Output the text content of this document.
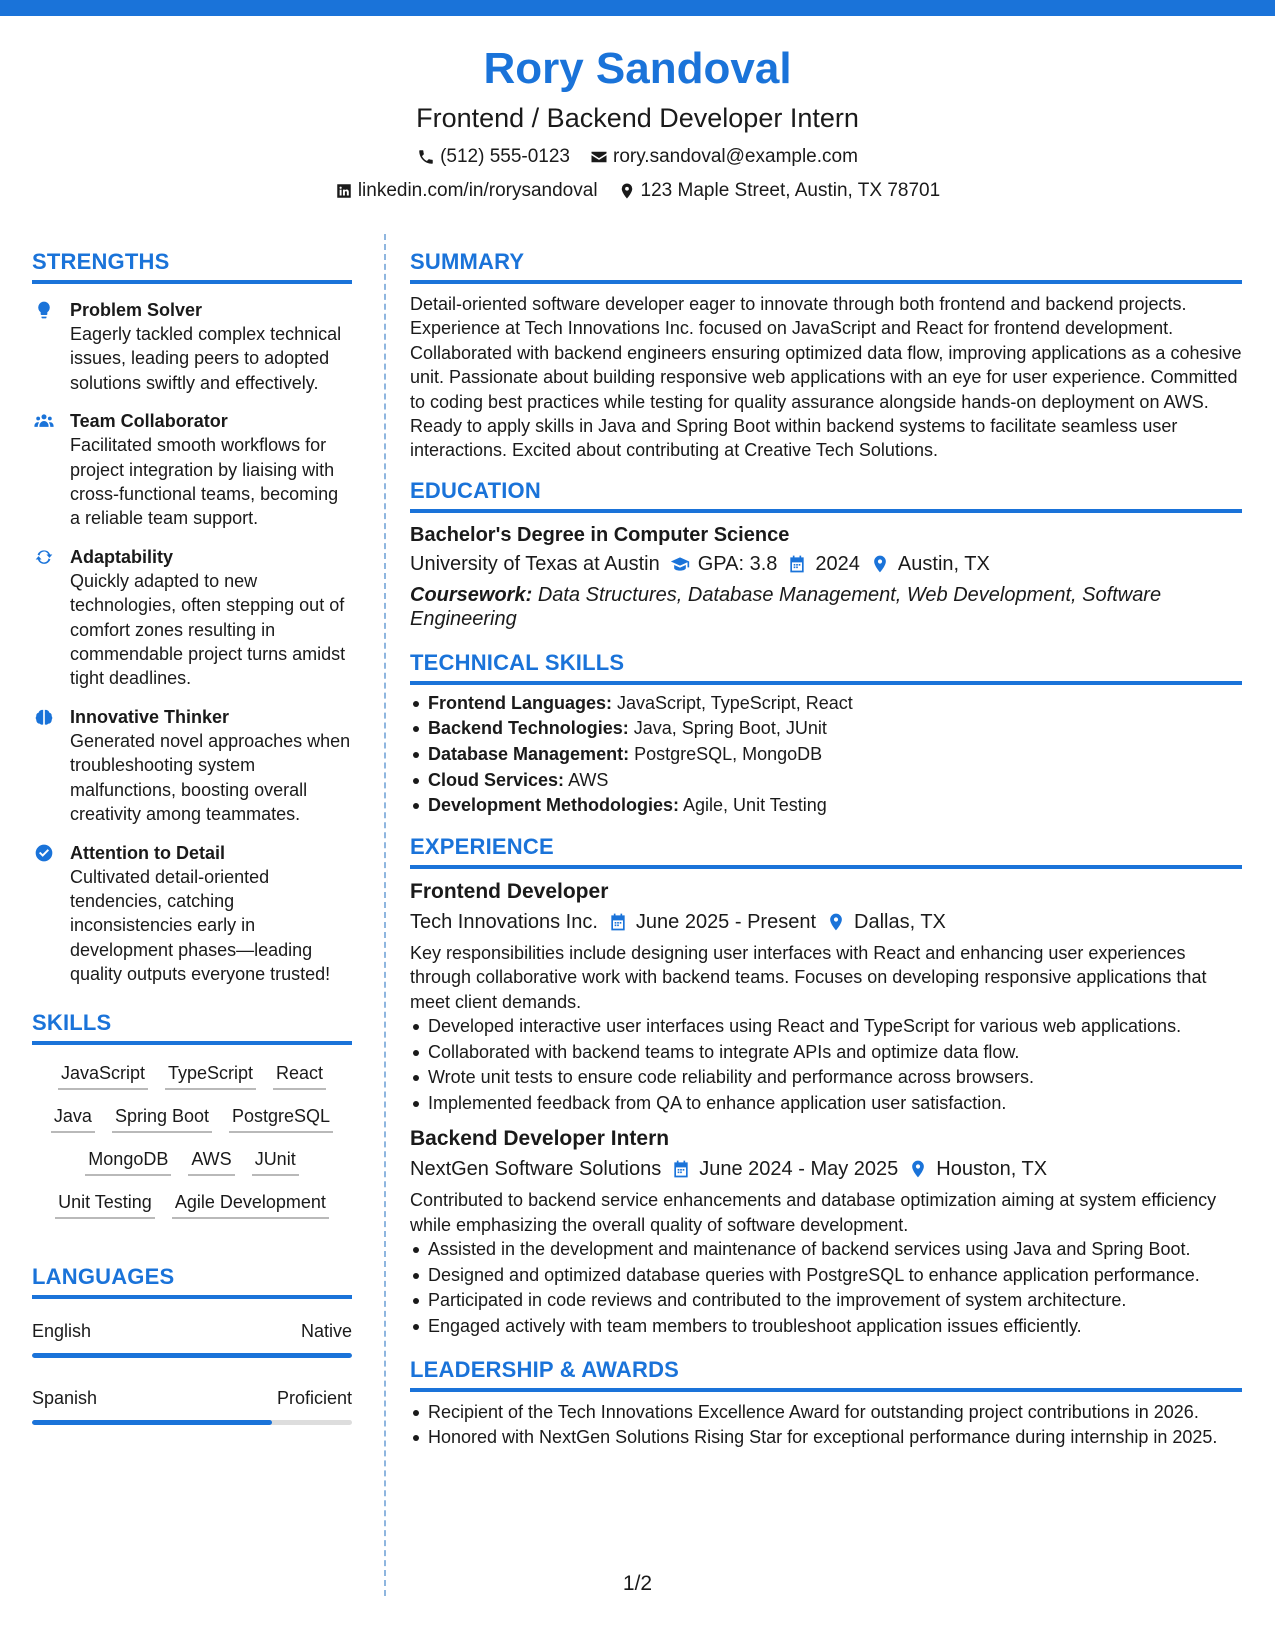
Rory Sandoval
Frontend / Backend Developer Intern
(512) 555-0123 rory.sandoval@example.com
linkedin.com/in/rorysandoval 123 Maple Street, Austin, TX 78701
STRENGTHS
Problem Solver
Eagerly tackled complex technical issues, leading peers to adopted solutions swiftly and effectively.
Team Collaborator
Facilitated smooth workflows for project integration by liaising with cross-functional teams, becoming a reliable team support.
Adaptability
Quickly adapted to new technologies, often stepping out of comfort zones resulting in commendable project turns amidst tight deadlines.
Innovative Thinker
Generated novel approaches when troubleshooting system malfunctions, boosting overall creativity among teammates.
Attention to Detail
Cultivated detail-oriented tendencies, catching inconsistencies early in development phases—leading quality outputs everyone trusted!
SKILLS
JavaScript TypeScript React
Java Spring Boot PostgreSQL
MongoDB AWS JUnit
Unit Testing Agile Development
LANGUAGES
English	Native
Spanish	Proficient
SUMMARY
Detail-oriented software developer eager to innovate through both frontend and backend projects. Experience at Tech Innovations Inc. focused on JavaScript and React for frontend development. Collaborated with backend engineers ensuring optimized data flow, improving applications as a cohesive unit. Passionate about building responsive web applications with an eye for user experience. Committed to coding best practices while testing for quality assurance alongside hands-on deployment on AWS. Ready to apply skills in Java and Spring Boot within backend systems to facilitate seamless user interactions. Excited about contributing at Creative Tech Solutions.
EDUCATION
Bachelor's Degree in Computer Science
University of Texas at Austin GPA: 3.8 2024 Austin, TX
Coursework: Data Structures, Database Management, Web Development, Software Engineering
TECHNICAL SKILLS
Frontend Languages: JavaScript, TypeScript, React
Backend Technologies: Java, Spring Boot, JUnit
Database Management: PostgreSQL, MongoDB
Cloud Services: AWS
Development Methodologies: Agile, Unit Testing
EXPERIENCE
Frontend Developer
Tech Innovations Inc. June 2025 - Present Dallas, TX
Key responsibilities include designing user interfaces with React and enhancing user experiences through collaborative work with backend teams. Focuses on developing responsive applications that meet client demands.
Developed interactive user interfaces using React and TypeScript for various web applications.
Collaborated with backend teams to integrate APIs and optimize data flow.
Wrote unit tests to ensure code reliability and performance across browsers.
Implemented feedback from QA to enhance application user satisfaction.
Backend Developer Intern
NextGen Software Solutions June 2024 - May 2025 Houston, TX
Contributed to backend service enhancements and database optimization aiming at system efficiency while emphasizing the overall quality of software development.
Assisted in the development and maintenance of backend services using Java and Spring Boot.
Designed and optimized database queries with PostgreSQL to enhance application performance.
Participated in code reviews and contributed to the improvement of system architecture.
Engaged actively with team members to troubleshoot application issues efficiently.
LEADERSHIP & AWARDS
Recipient of the Tech Innovations Excellence Award for outstanding project contributions in 2026.
Honored with NextGen Solutions Rising Star for exceptional performance during internship in 2025.
1/2
